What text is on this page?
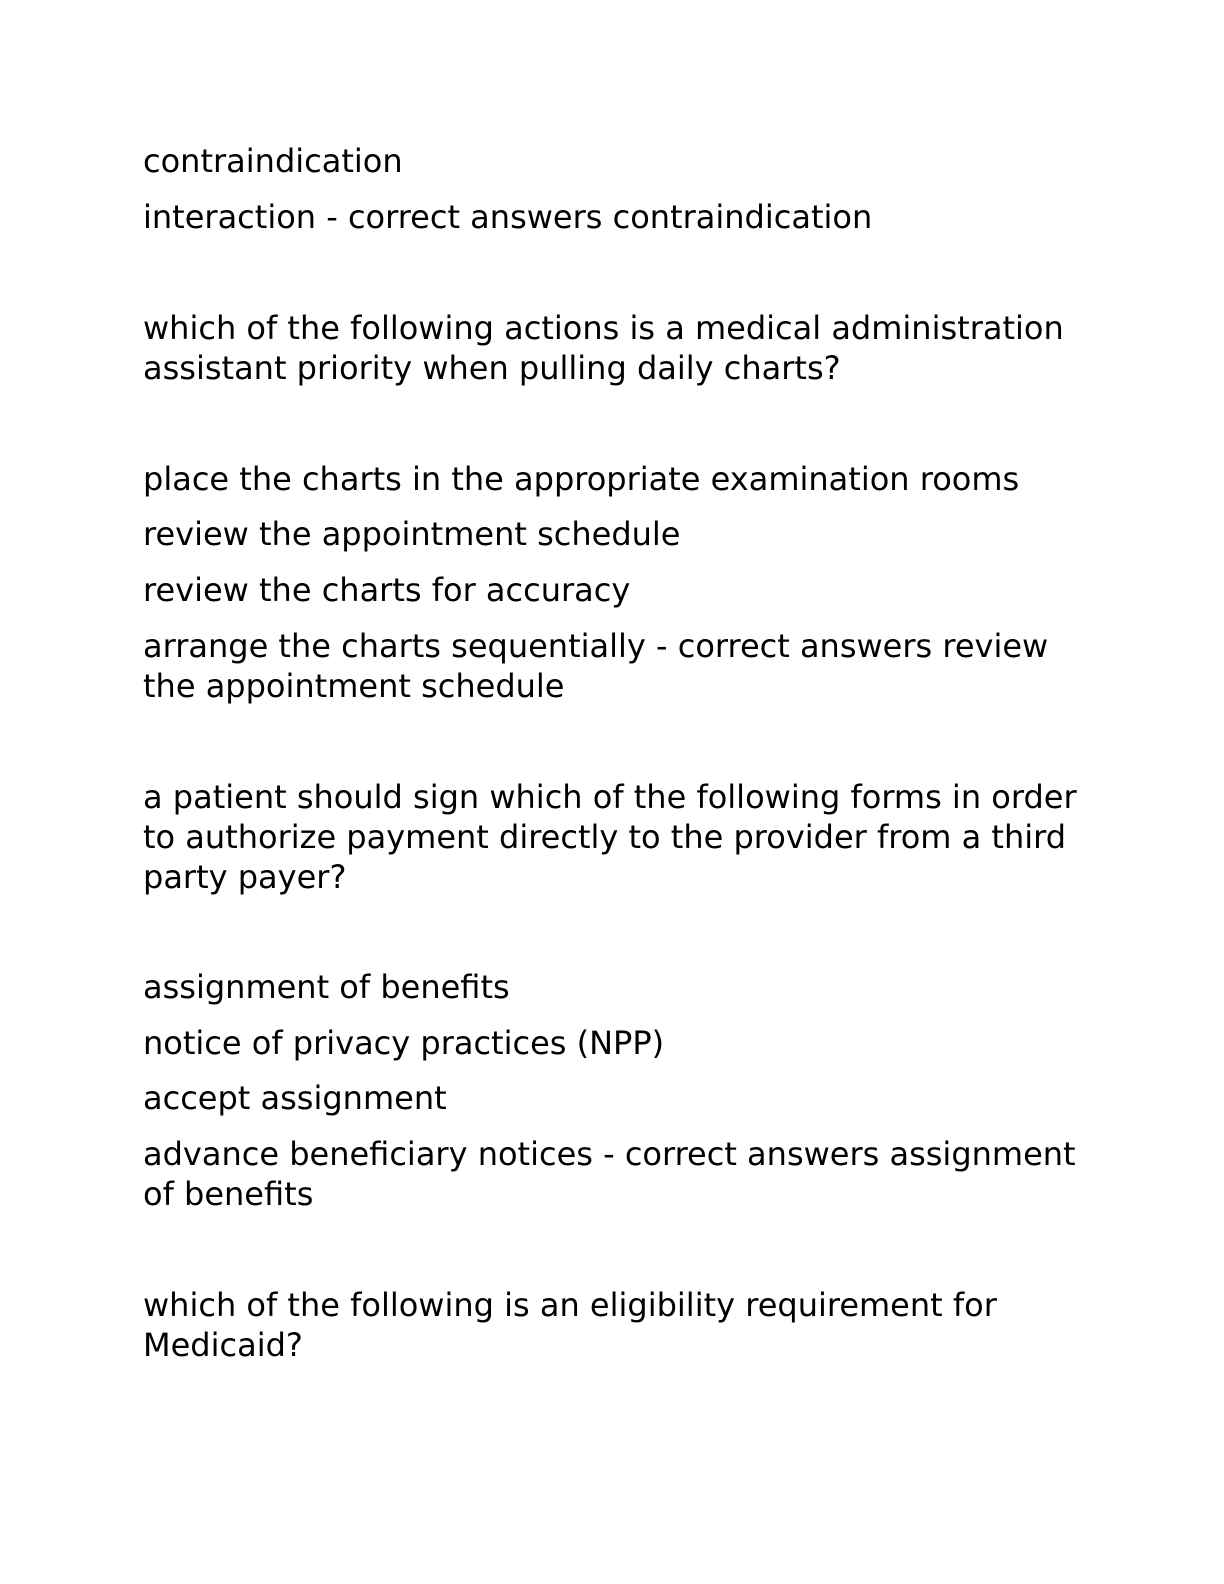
contraindication

interaction - correct answers contraindication

which of the following actions is a medical administration assistant priority when pulling daily charts?

place the charts in the appropriate examination rooms

review the appointment schedule

review the charts for accuracy

arrange the charts sequentially - correct answers review the appointment schedule

a patient should sign which of the following forms in order to authorize payment directly to the provider from a third party payer?

assignment of benefits

notice of privacy practices (NPP)

accept assignment

advance beneficiary notices - correct answers assignment of benefits

which of the following is an eligibility requirement for Medicaid?
